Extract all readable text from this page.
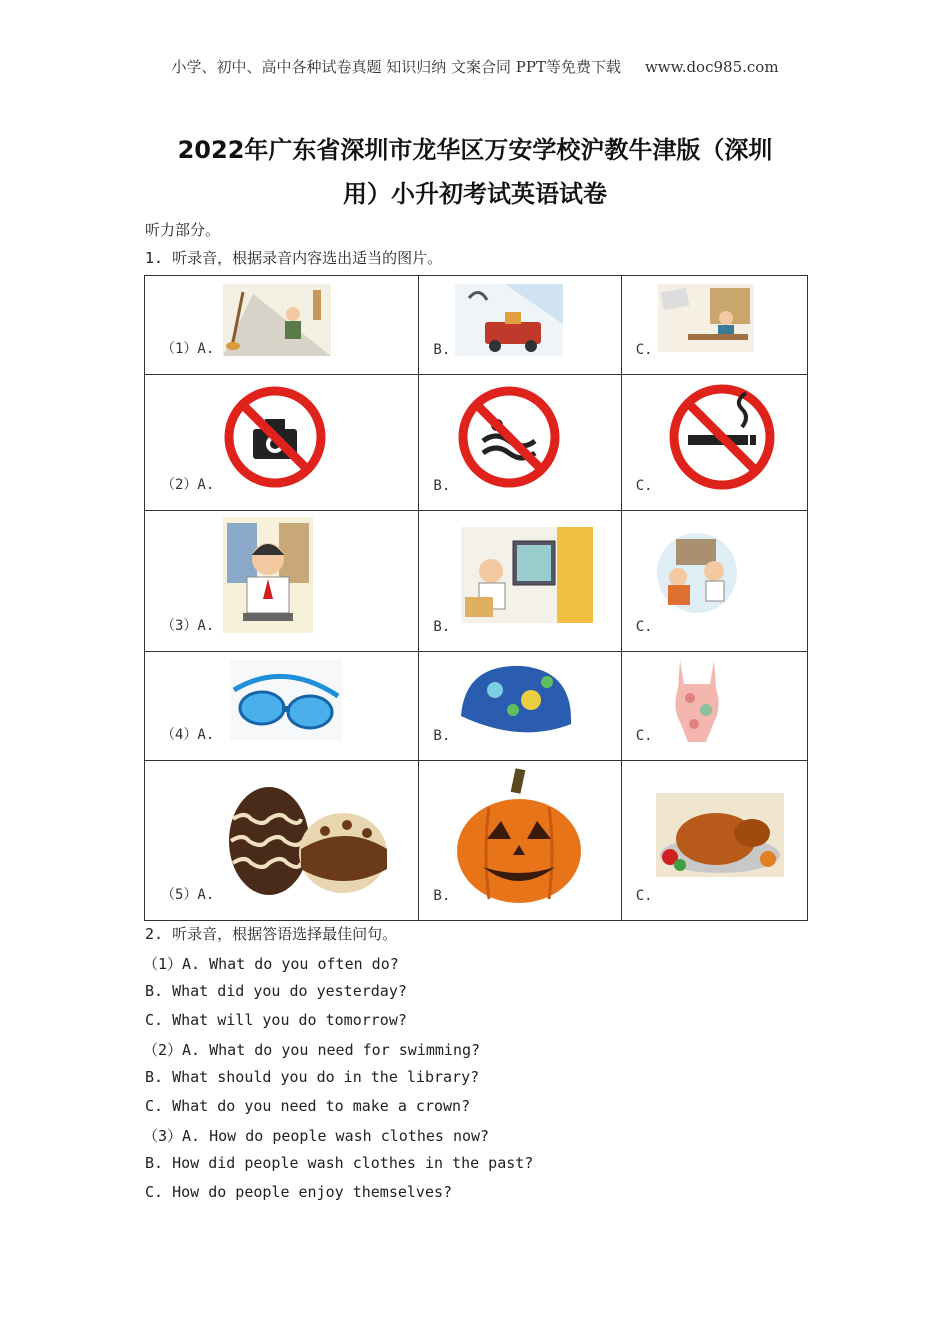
小学、初中、高中各种试卷真题 知识归纳 文案合同 PPT等免费下载 www.doc985.com
2022年广东省深圳市龙华区万安学校沪教牛津版（深圳
用）小升初考试英语试卷
听力部分。
1. 听录音，根据录音内容选出适当的图片。
（1）A.	B.	C.

（2）A.	B.	C.

（3）A.	B.	C.

（4）A.	B.	C.

（5）A.	B.	C.
2. 听录音，根据答语选择最佳问句。
（1）A. What do you often do?
B. What did you do yesterday?
C. What will you do tomorrow?
（2）A. What do you need for swimming?
B. What should you do in the library?
C. What do you need to make a crown?
（3）A. How do people wash clothes now?
B. How did people wash clothes in the past?
C. How do people enjoy themselves?
